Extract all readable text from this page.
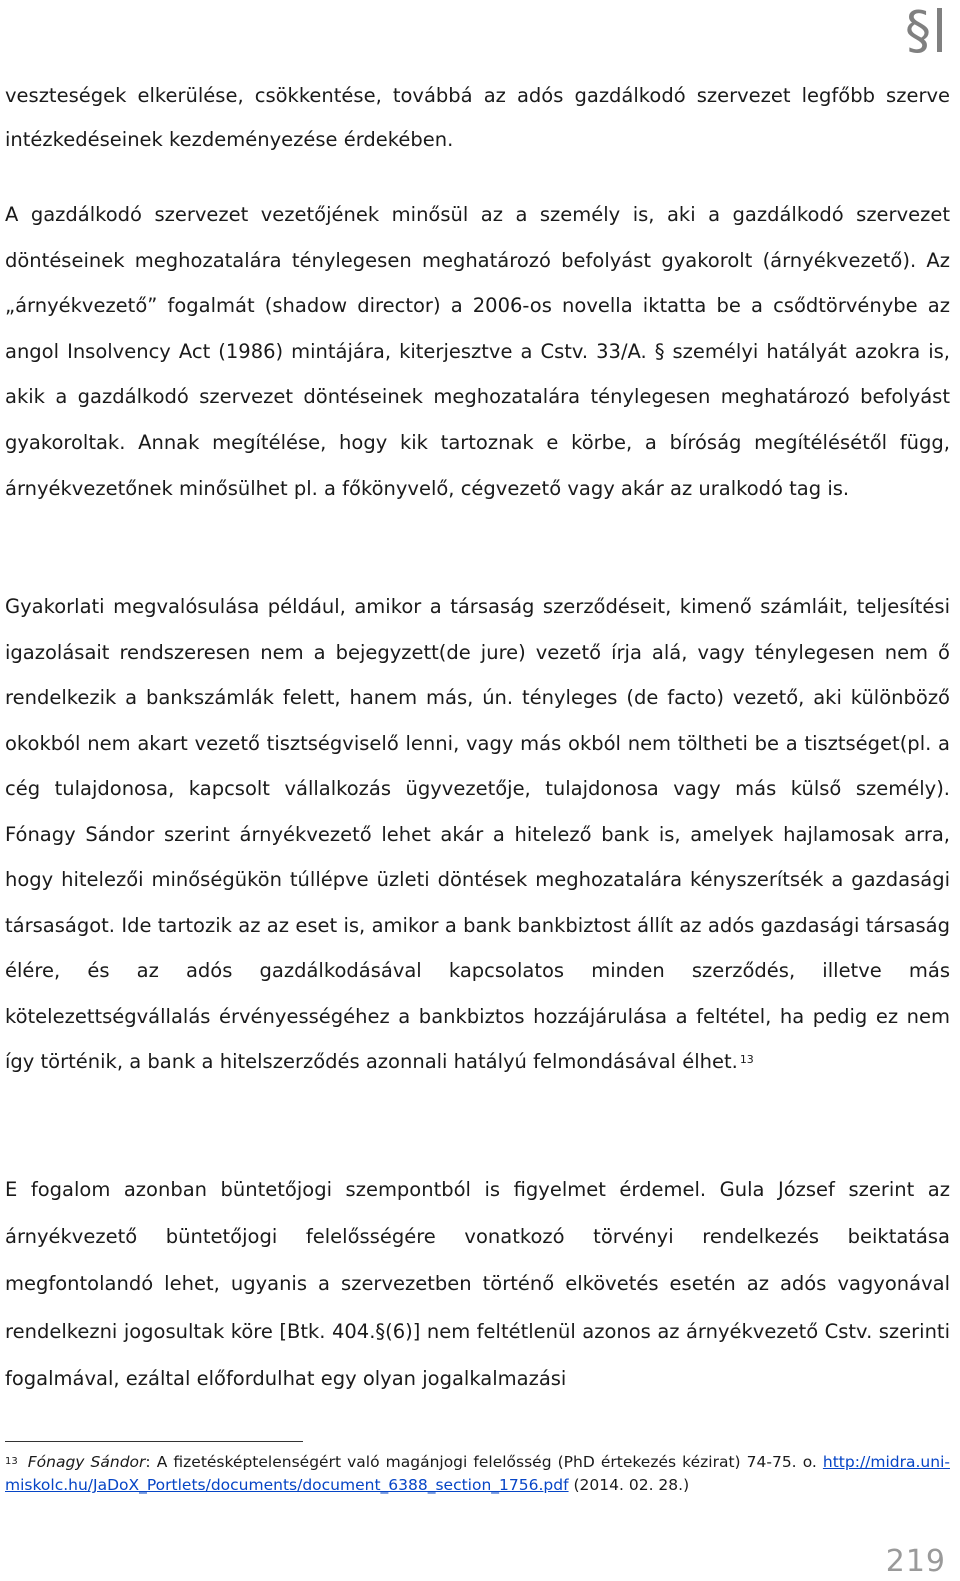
§
veszteségek elkerülése, csökkentése, továbbá az adós gazdálkodó szervezet legfőbb szerve intézkedéseinek kezdeményezése érdekében.
A gazdálkodó szervezet vezetőjének minősül az a személy is, aki a gazdálkodó szervezet döntéseinek meghozatalára ténylegesen meghatározó befolyást gyakorolt (árnyékvezető). Az „árnyékvezető” fogalmát (shadow director) a 2006-os novella iktatta be a csődtörvénybe az angol Insolvency Act (1986) mintájára, kiterjesztve a Cstv. 33/A. § személyi hatályát azokra is, akik a gazdálkodó szervezet döntéseinek meghozatalára ténylegesen meghatározó befolyást gyakoroltak. Annak megítélése, hogy kik tartoznak e körbe, a bíróság megítélésétől függ, árnyékvezetőnek minősülhet pl. a főkönyvelő, cégvezető vagy akár az uralkodó tag is.
Gyakorlati megvalósulása például, amikor a társaság szerződéseit, kimenő számláit, teljesítési igazolásait rendszeresen nem a bejegyzett(de jure) vezető írja alá, vagy ténylegesen nem ő rendelkezik a bankszámlák felett, hanem más, ún. tényleges (de facto) vezető, aki különböző okokból nem akart vezető tisztségviselő lenni, vagy más okból nem töltheti be a tisztséget(pl. a cég tulajdonosa, kapcsolt vállalkozás ügyvezetője, tulajdonosa vagy más külső személy). Fónagy Sándor szerint árnyékvezető lehet akár a hitelező bank is, amelyek hajlamosak arra, hogy hitelezői minőségükön túllépve üzleti döntések meghozatalára kényszerítsék a gazdasági társaságot. Ide tartozik az az eset is, amikor a bank bankbiztost állít az adós gazdasági társaság élére, és az adós gazdálkodásával kapcsolatos minden szerződés, illetve más kötelezettségvállalás érvényességéhez a bankbiztos hozzájárulása a feltétel, ha pedig ez nem így történik, a bank a hitelszerződés azonnali hatályú felmondásával élhet. $^{13}$
E fogalom azonban büntetőjogi szempontból is figyelmet érdemel. Gula József szerint az árnyékvezető büntetőjogi felelősségére vonatkozó törvényi rendelkezés beiktatása megfontolandó lehet, ugyanis a szervezetben történő elkövetés esetén az adós vagyonával rendelkezni jogosultak köre [Btk. 404.§(6)] nem feltétlenül azonos az árnyékvezető Cstv. szerinti fogalmával, ezáltal előfordulhat egy olyan jogalkalmazási
$^{13}$ Fónagy Sándor: A fizetésképtelenségért való magánjogi felelősség (PhD értekezés kézirat) 74-75. o. http://midra.uni-miskolc.hu/JaDoX_Portlets/documents/document_6388_section_1756.pdf (2014. 02. 28.)
219
